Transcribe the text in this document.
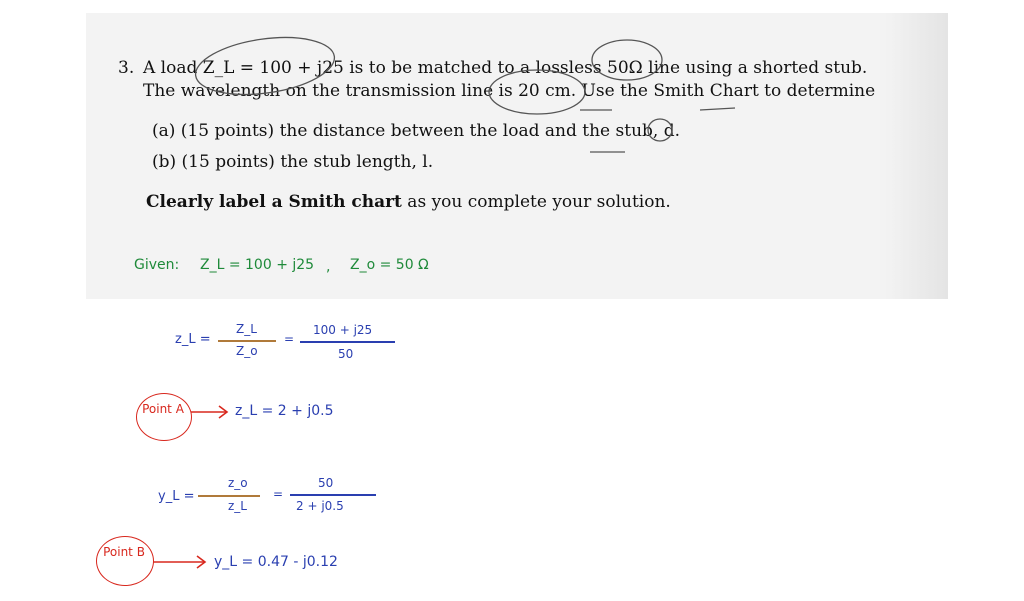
3. A load Z_L = 100 + j25 is to be matched to a lossless 50Ω line using a shorted stub.
The wavelength on the transmission line is 20 cm. Use the Smith Chart to determine
(a) (15 points) the distance between the load and the stub, d.
(b) (15 points) the stub length, l.
Clearly label a Smith chart as you complete your solution.
Given: Z_L = 100 + j25 , Z_o = 50 Ω
z_L =
Z_L
Z_o
=
100 + j25
50
Point A	z_L = 2 + j0.5
y_L =
z_o
z_L
=
50
2 + j0.5
Point B
y_L = 0.47 - j0.12
